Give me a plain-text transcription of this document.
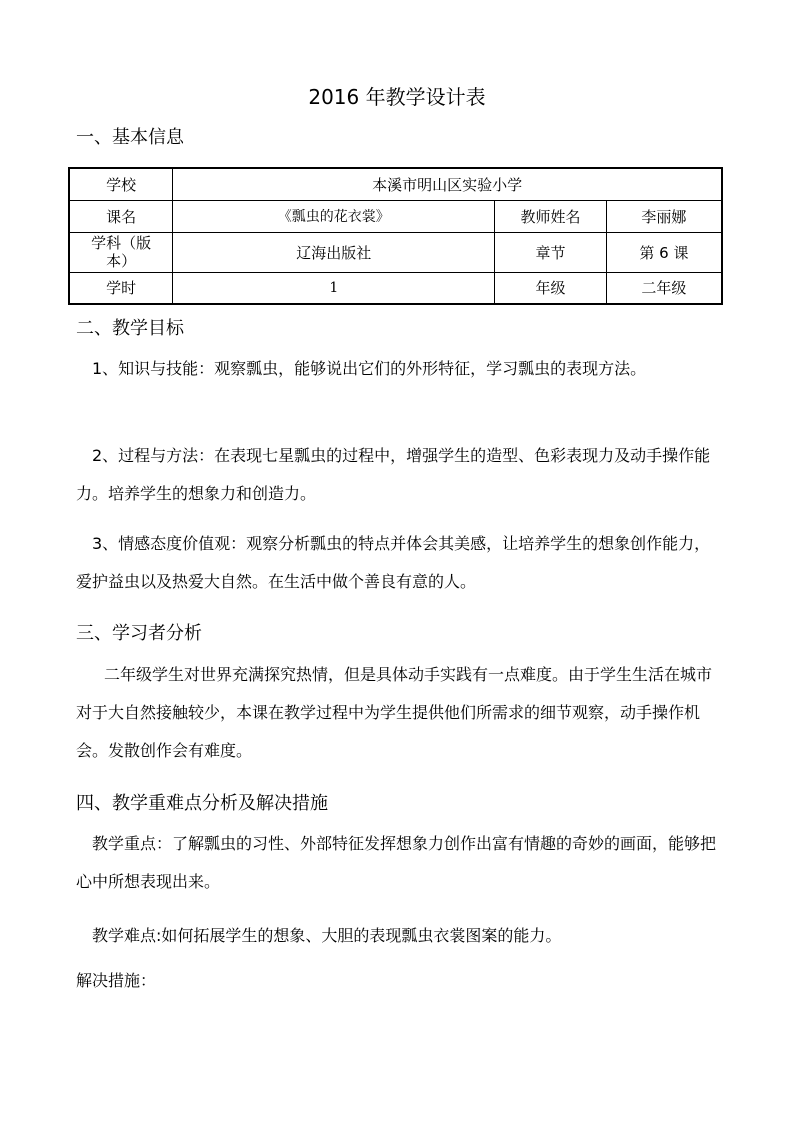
2016 年教学设计表
一、基本信息
学校	本溪市明山区实验小学		
课名	《瓢虫的花衣裳》	教师姓名	李丽娜
学科（版本）	辽海出版社	章节	第 6 课
学时	1	年级	二年级
二、教学目标
1、知识与技能：观察瓢虫，能够说出它们的外形特征，学习瓢虫的表现方法。
2、过程与方法：在表现七星瓢虫的过程中，增强学生的造型、色彩表现力及动手操作能力。培养学生的想象力和创造力。
3、情感态度价值观：观察分析瓢虫的特点并体会其美感，让培养学生的想象创作能力，爱护益虫以及热爱大自然。在生活中做个善良有意的人。
三、学习者分析
二年级学生对世界充满探究热情，但是具体动手实践有一点难度。由于学生生活在城市对于大自然接触较少，本课在教学过程中为学生提供他们所需求的细节观察，动手操作机会。发散创作会有难度。
四、教学重难点分析及解决措施
教学重点：了解瓢虫的习性、外部特征发挥想象力创作出富有情趣的奇妙的画面，能够把心中所想表现出来。
教学难点:如何拓展学生的想象、大胆的表现瓢虫衣裳图案的能力。
解决措施：
